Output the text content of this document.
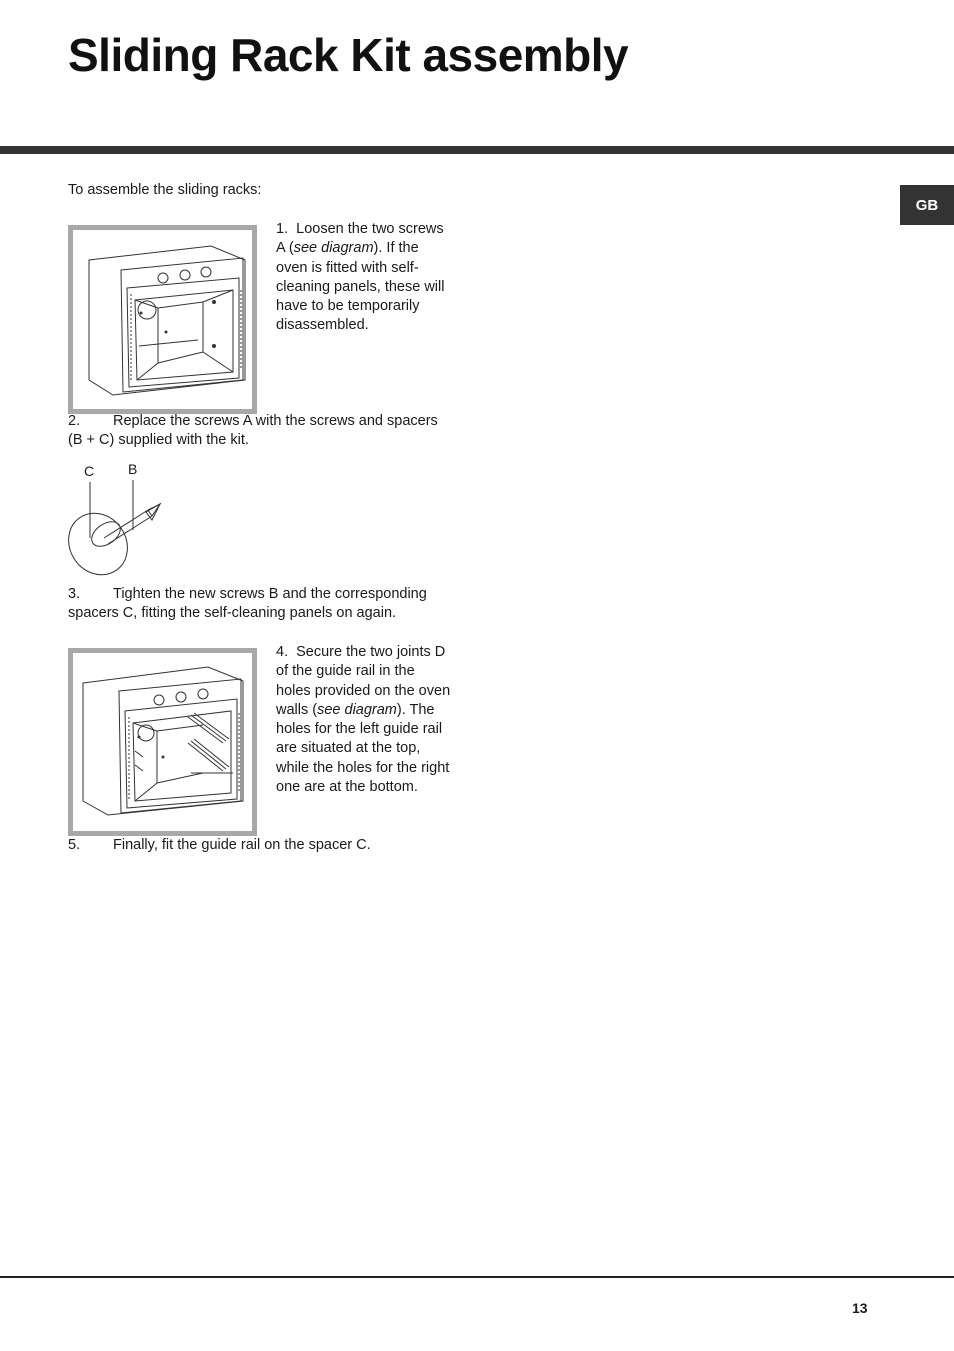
Sliding Rack Kit assembly
GB
To assemble the sliding racks:
1. Loosen the two screws A (see diagram). If the oven is fitted with self-cleaning panels, these will have to be temporarily disassembled.
2. Replace the screws A with the screws and spacers (B + C) supplied with the kit.
C B
3. Tighten the new screws B and the corresponding spacers C, fitting the self-cleaning panels on again.
4. Secure the two joints D of the guide rail in the holes provided on the oven walls (see diagram). The holes for the left guide rail are situated at the top, while the holes for the right one are at the bottom.
5. Finally, fit the guide rail on the spacer C.
13
